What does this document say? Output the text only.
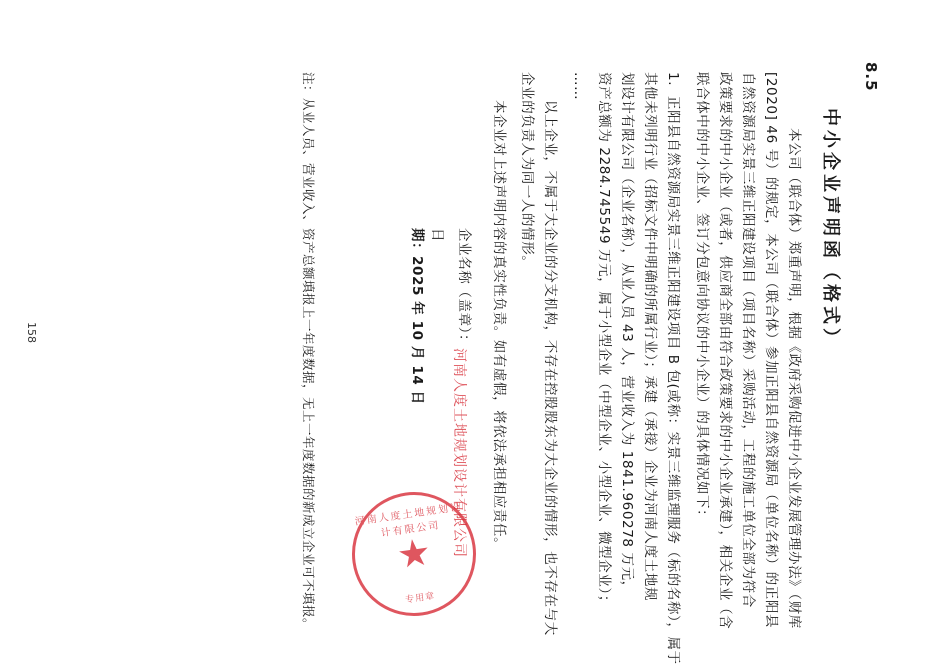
158
8.5
中小企业声明函（格式）
本公司（联合体）郑重声明，根据《政府采购促进中小企业发展管理办法》（财库
[2020] 46 号）的规定，本公司（联合体）参加正阳县自然资源局（单位名称）的正阳县
自然资源局实景三维正阳建设项目（项目名称）采购活动，工程的施工单位全部为符合
政策要求的中小企业（或者，供应商全部由符合政策要求的中小企业承建），相关企业（含
联合体中的中小企业、签订分包意向协议的中小企业）的具体情况如下：
1.
正阳县自然资源局实景三维正阳建设项目 B 包(或称：实景三维监理服务（标的名称），属于
其他未列明行业（招标文件中明确的所属行业）；承建（承接）企业为河南人度土地规
划设计有限公司（企业名称），从业人员 43 人，营业收入为 1841.960278 万元，
资产总额为 2284.745549 万元，属于小型企业（中型企业、小型企业、微型企业）；
……
以上企业，不属于大企业的分支机构，不存在控股股东为大企业的情形，也不存在与大
企业的负责人为同一人的情形。
本企业对上述声明内容的真实性负责。如有虚假，将依法承担相应责任。
企业名称（盖章）：
河南人度土地规划设计有限公司
日
期：
2025 年 10 月 14 日
注：从业人员、营业收入、资产总额填报上一年度数据，无上一年度数据的新成立企业可不填报。	河南人度土地规划设计有限公司
专用章
